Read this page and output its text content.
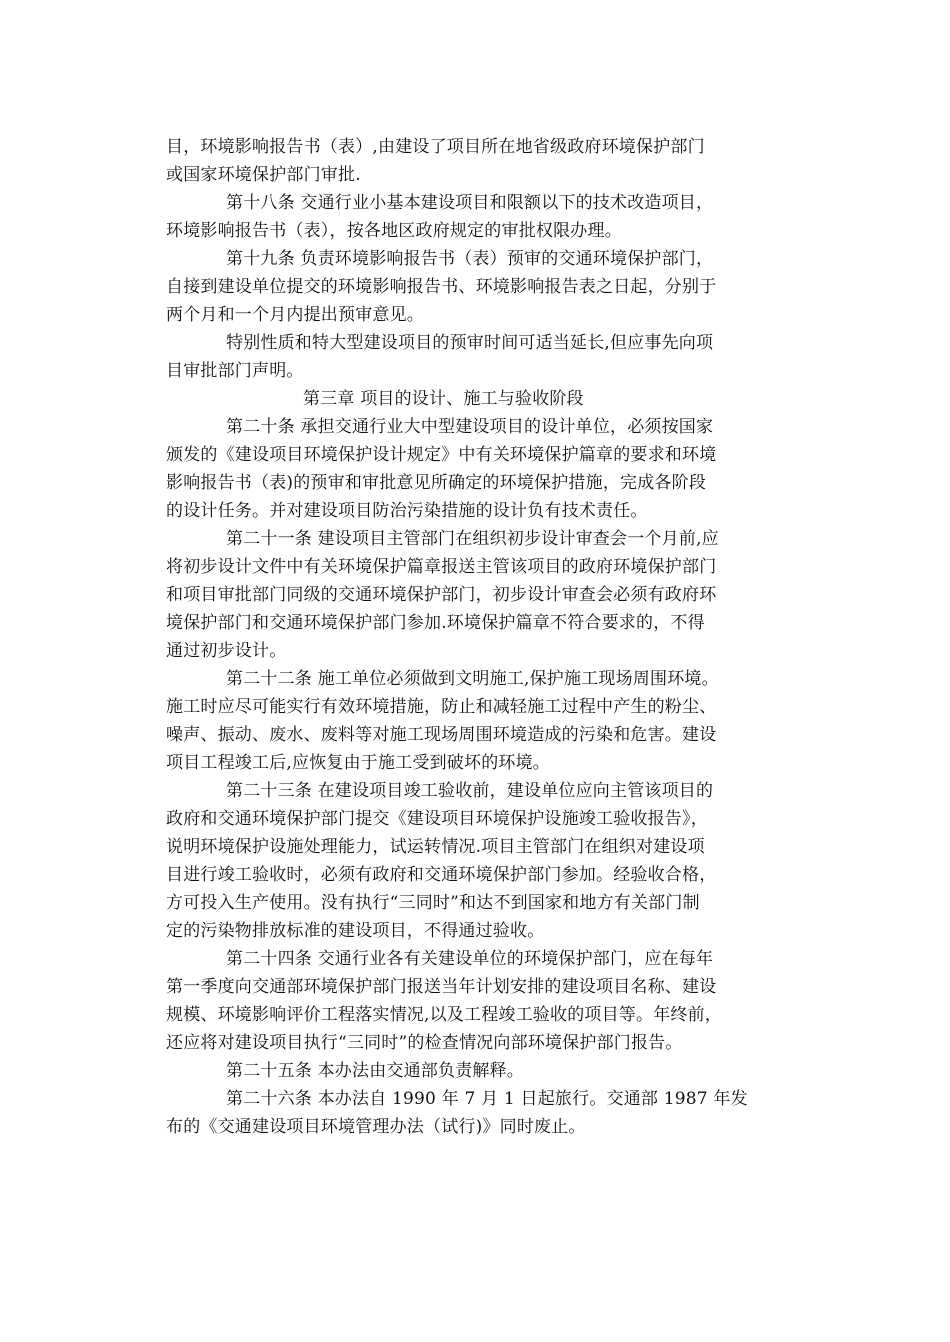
目，环境影响报告书（表）,由建设了项目所在地省级政府环境保护部门
或国家环境保护部门审批.
第十八条 交通行业小基本建设项目和限额以下的技术改造项目，
环境影响报告书（表），按各地区政府规定的审批权限办理。
第十九条 负责环境影响报告书（表）预审的交通环境保护部门，
自接到建设单位提交的环境影响报告书、环境影响报告表之日起，分别于
两个月和一个月内提出预审意见。
特别性质和特大型建设项目的预审时间可适当延长,但应事先向项
目审批部门声明。
第三章 项目的设计、施工与验收阶段
第二十条 承担交通行业大中型建设项目的设计单位，必须按国家
颁发的《建设项目环境保护设计规定》中有关环境保护篇章的要求和环境
影响报告书（表)的预审和审批意见所确定的环境保护措施，完成各阶段
的设计任务。并对建设项目防治污染措施的设计负有技术责任。
第二十一条 建设项目主管部门在组织初步设计审查会一个月前,应
将初步设计文件中有关环境保护篇章报送主管该项目的政府环境保护部门
和项目审批部门同级的交通环境保护部门，初步设计审查会必须有政府环
境保护部门和交通环境保护部门参加.环境保护篇章不符合要求的，不得
通过初步设计。
第二十二条 施工单位必须做到文明施工,保护施工现场周围环境。
施工时应尽可能实行有效环境措施，防止和减轻施工过程中产生的粉尘、
噪声、振动、废水、废料等对施工现场周围环境造成的污染和危害。建设
项目工程竣工后,应恢复由于施工受到破坏的环境。
第二十三条 在建设项目竣工验收前，建设单位应向主管该项目的
政府和交通环境保护部门提交《建设项目环境保护设施竣工验收报告》，
说明环境保护设施处理能力，试运转情况.项目主管部门在组织对建设项
目进行竣工验收时，必须有政府和交通环境保护部门参加。经验收合格，
方可投入生产使用。没有执行“三同时”和达不到国家和地方有关部门制
定的污染物排放标准的建设项目，不得通过验收。
第二十四条 交通行业各有关建设单位的环境保护部门，应在每年
第一季度向交通部环境保护部门报送当年计划安排的建设项目名称、建设
规模、环境影响评价工程落实情况,以及工程竣工验收的项目等。年终前，
还应将对建设项目执行“三同时”的检查情况向部环境保护部门报告。
第二十五条 本办法由交通部负责解释。
第二十六条 本办法自 1990 年 7 月 1 日起旅行。交通部 1987 年发
布的《交通建设项目环境管理办法（试行)》同时废止。
